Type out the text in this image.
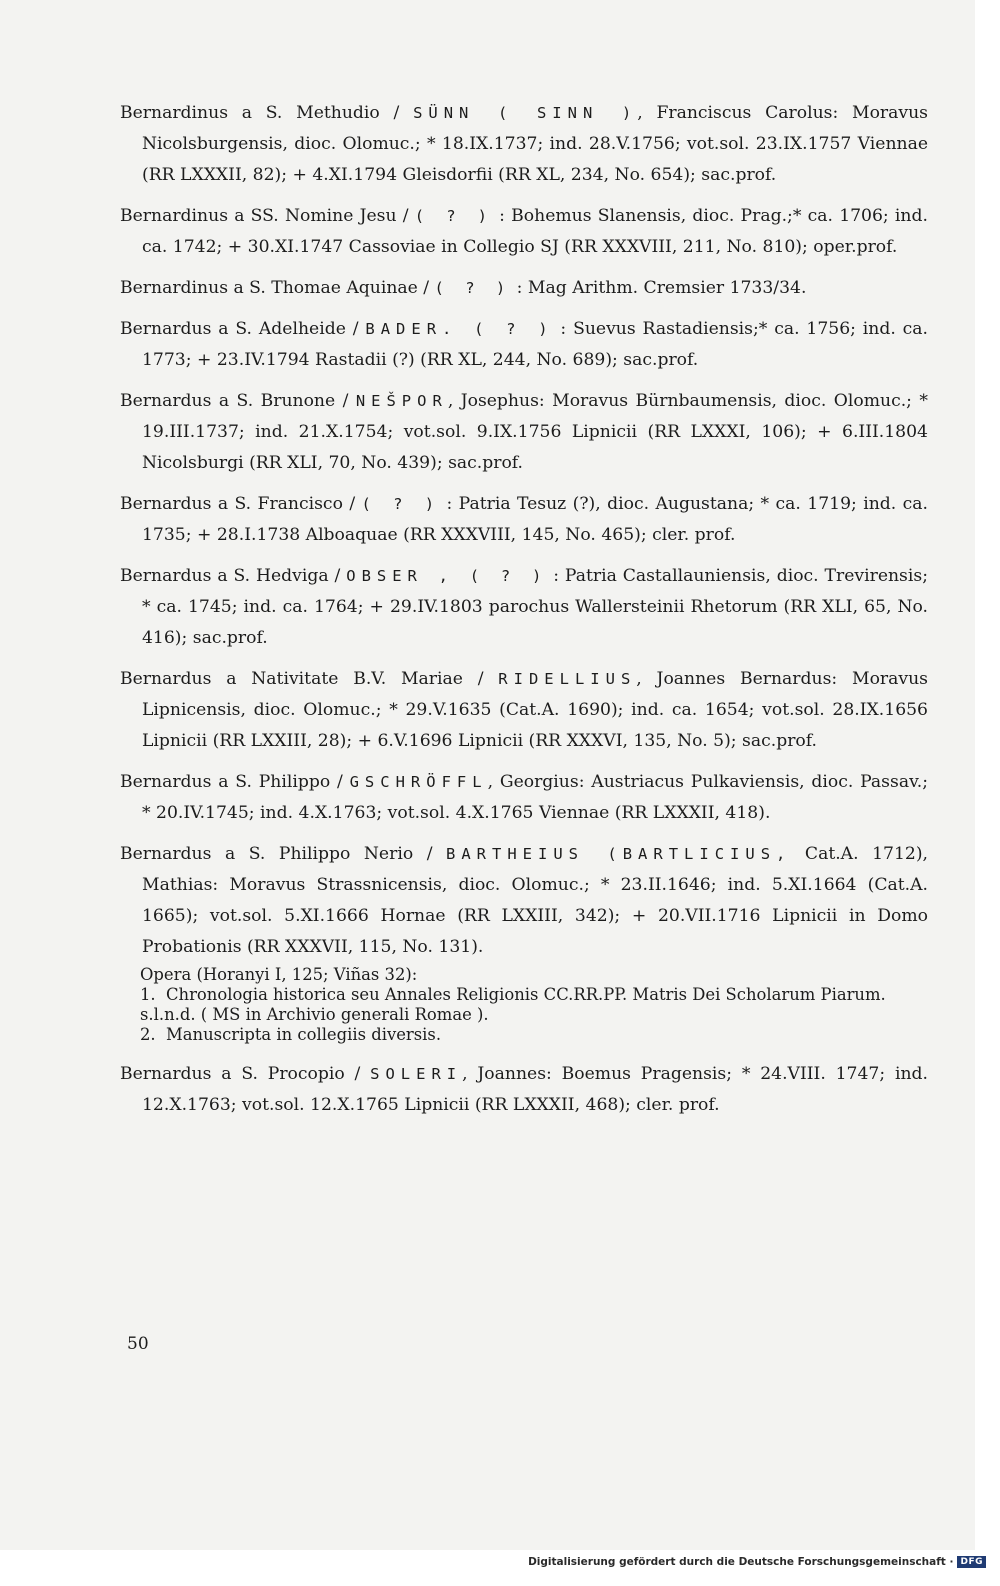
Bernardinus a S. Methudio / SÜNN ( SINN ), Franciscus Carolus: Moravus Nicolsburgensis, dioc. Olomuc.; * 18.IX.1737; ind. 28.V.1756; vot.sol. 23.IX.1757 Viennae (RR LXXXII, 82); + 4.XI.1794 Gleisdorfii (RR XL, 234, No. 654); sac.prof.
Bernardinus a SS. Nomine Jesu / ( ? ) : Bohemus Slanensis, dioc. Prag.;* ca. 1706; ind. ca. 1742; + 30.XI.1747 Cassoviae in Collegio SJ (RR XXXVIII, 211, No. 810); oper.prof.
Bernardinus a S. Thomae Aquinae / ( ? ) : Mag Arithm. Cremsier 1733/34.
Bernardus a S. Adelheide / BADER. ( ? ) : Suevus Rastadiensis;* ca. 1756; ind. ca. 1773; + 23.IV.1794 Rastadii (?) (RR XL, 244, No. 689); sac.prof.
Bernardus a S. Brunone / NEŠPOR, Josephus: Moravus Bürnbaumensis, dioc. Olomuc.; * 19.III.1737; ind. 21.X.1754; vot.sol. 9.IX.1756 Lipnicii (RR LXXXI, 106); + 6.III.1804 Nicolsburgi (RR XLI, 70, No. 439); sac.prof.
Bernardus a S. Francisco / ( ? ) : Patria Tesuz (?), dioc. Augustana; * ca. 1719; ind. ca. 1735; + 28.I.1738 Alboaquae (RR XXXVIII, 145, No. 465); cler. prof.
Bernardus a S. Hedviga / OBSER , ( ? ) : Patria Castallauniensis, dioc. Trevirensis; * ca. 1745; ind. ca. 1764; + 29.IV.1803 parochus Wallersteinii Rhetorum (RR XLI, 65, No. 416); sac.prof.
Bernardus a Nativitate B.V. Mariae / RIDELLIUS, Joannes Bernardus: Moravus Lipnicensis, dioc. Olomuc.; * 29.V.1635 (Cat.A. 1690); ind. ca. 1654; vot.sol. 28.IX.1656 Lipnicii (RR LXXIII, 28); + 6.V.1696 Lipnicii (RR XXXVI, 135, No. 5); sac.prof.
Bernardus a S. Philippo / GSCHRÖFFL, Georgius: Austriacus Pulkaviensis, dioc. Passav.; * 20.IV.1745; ind. 4.X.1763; vot.sol. 4.X.1765 Viennae (RR LXXXII, 418).
Bernardus a S. Philippo Nerio / BARTHEIUS (BARTLICIUS, Cat.A. 1712), Mathias: Moravus Strassnicensis, dioc. Olomuc.; * 23.II.1646; ind. 5.XI.1664 (Cat.A. 1665); vot.sol. 5.XI.1666 Hornae (RR LXXIII, 342); + 20.VII.1716 Lipnicii in Domo Probationis (RR XXXVII, 115, No. 131).
Opera (Horanyi I, 125; Viñas 32):
1. Chronologia historica seu Annales Religionis CC.RR.PP. Matris Dei Scholarum Piarum. s.l.n.d. ( MS in Archivio generali Romae ).
2. Manuscripta in collegiis diversis.
Bernardus a S. Procopio / SOLERI, Joannes: Boemus Pragensis; * 24.VIII. 1747; ind. 12.X.1763; vot.sol. 12.X.1765 Lipnicii (RR LXXXII, 468); cler. prof.
50
Digitalisierung gefördert durch die Deutsche Forschungsgemeinschaft · DFG
